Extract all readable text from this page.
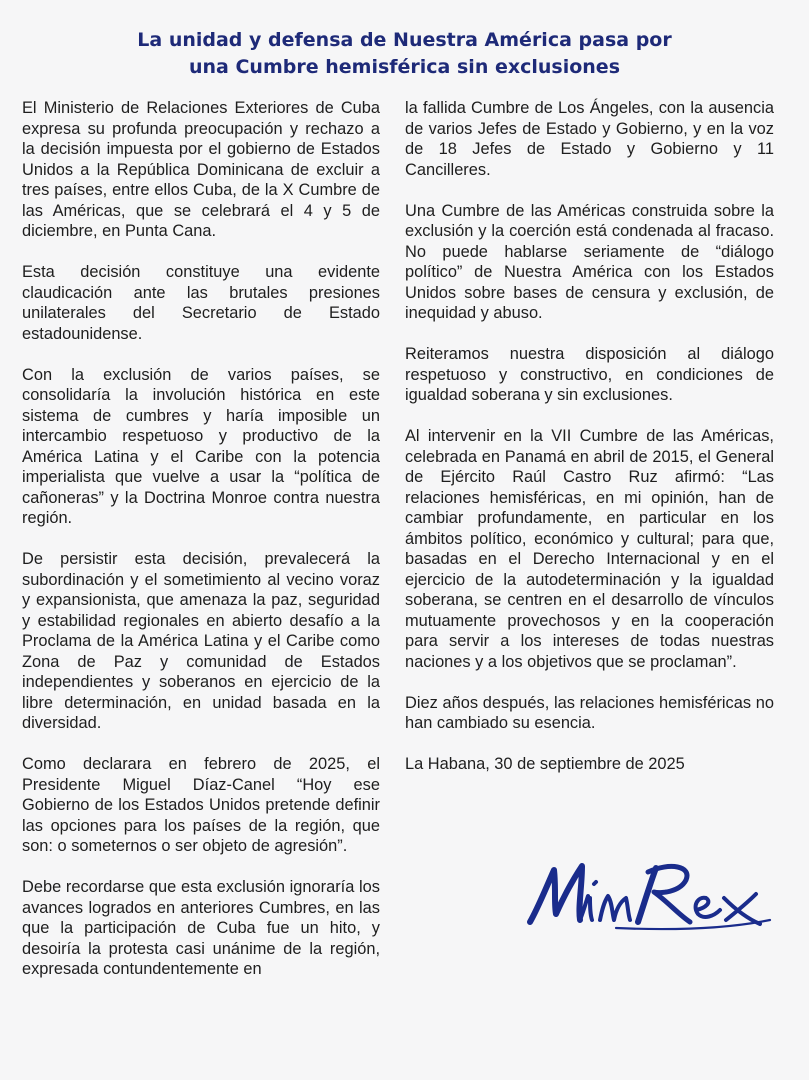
La unidad y defensa de Nuestra América pasa por
una Cumbre hemisférica sin exclusiones

El Ministerio de Relaciones Exteriores de Cuba expresa su profunda preocupación y rechazo a la decisión impuesta por el gobierno de Estados Unidos a la República Dominicana de excluir a tres países, entre ellos Cuba, de la X Cumbre de las Américas, que se celebrará el 4 y 5 de diciembre, en Punta Cana.

Esta decisión constituye una evidente claudicación ante las brutales presiones unilaterales del Secretario de Estado estadounidense.

Con la exclusión de varios países, se consolidaría la involución histórica en este sistema de cumbres y haría imposible un intercambio respetuoso y productivo de la América Latina y el Caribe con la potencia imperialista que vuelve a usar la “política de cañoneras” y la Doctrina Monroe contra nuestra región.

De persistir esta decisión, prevalecerá la subordinación y el sometimiento al vecino voraz y expansionista, que amenaza la paz, seguridad y estabilidad regionales en abierto desafío a la Proclama de la América Latina y el Caribe como Zona de Paz y comunidad de Estados independientes y soberanos en ejercicio de la libre determinación, en unidad basada en la diversidad.

Como declarara en febrero de 2025, el Presidente Miguel Díaz-Canel “Hoy ese Gobierno de los Estados Unidos pretende definir las opciones para los países de la región, que son: o someternos o ser objeto de agresión”.

Debe recordarse que esta exclusión ignoraría los avances logrados en anteriores Cumbres, en las que la participación de Cuba fue un hito, y desoiría la protesta casi unánime de la región, expresada contundentemente en

la fallida Cumbre de Los Ángeles, con la ausencia de varios Jefes de Estado y Gobierno, y en la voz de 18 Jefes de Estado y Gobierno y 11 Cancilleres.

Una Cumbre de las Américas construida sobre la exclusión y la coerción está condenada al fracaso. No puede hablarse seriamente de “diálogo político” de Nuestra América con los Estados Unidos sobre bases de censura y exclusión, de inequidad y abuso.

Reiteramos nuestra disposición al diálogo respetuoso y constructivo, en condiciones de igualdad soberana y sin exclusiones.

Al intervenir en la VII Cumbre de las Américas, celebrada en Panamá en abril de 2015, el General de Ejército Raúl Castro Ruz afirmó: “Las relaciones hemisféricas, en mi opinión, han de cambiar profundamente, en particular en los ámbitos político, económico y cultural; para que, basadas en el Derecho Internacional y en el ejercicio de la autodeterminación y la igualdad soberana, se centren en el desarrollo de vínculos mutuamente provechosos y en la cooperación para servir a los intereses de todas nuestras naciones y a los objetivos que se proclaman”.

Diez años después, las relaciones hemisféricas no han cambiado su esencia.

La Habana, 30 de septiembre de 2025
